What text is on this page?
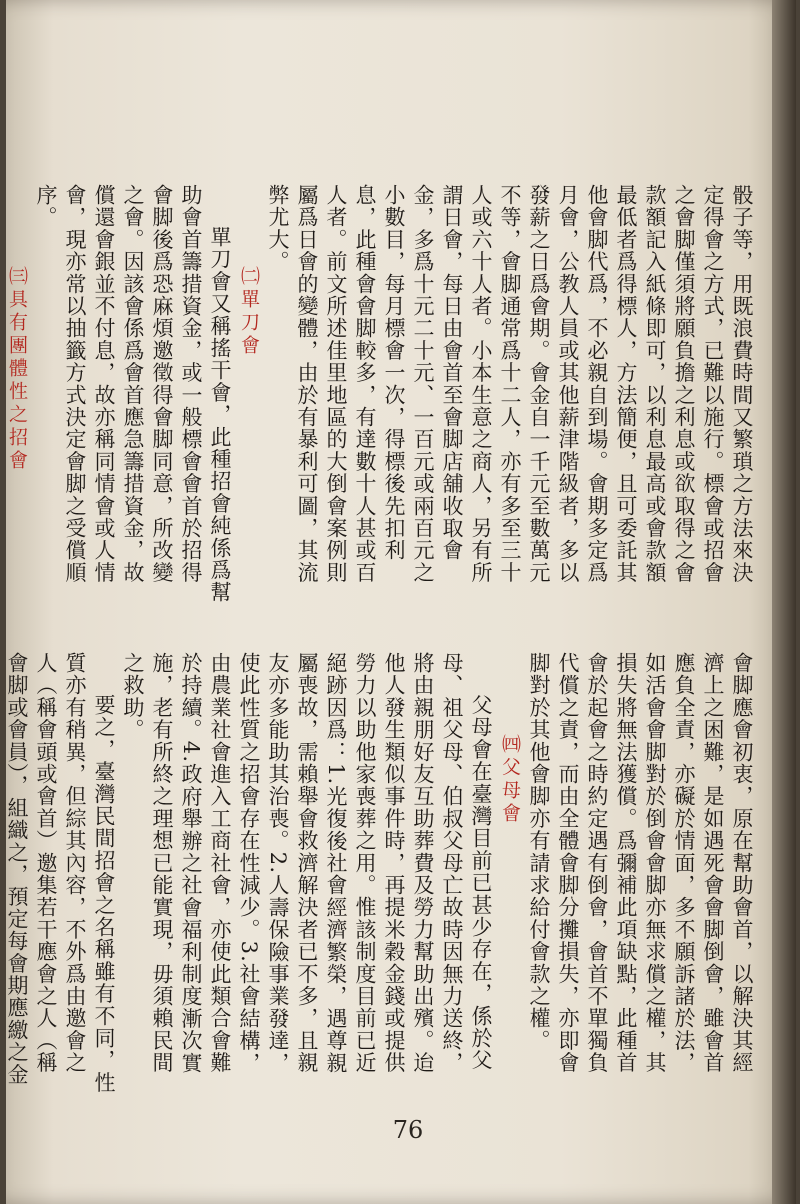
骰子等，用既浪費時間又繁瑣之方法來決定得會之方式，已難以施行。標會或招會之會脚僅須將願負擔之利息或欲取得之會款額記入紙條即可，以利息最高或會款額最低者爲得標人，方法簡便，且可委託其他會脚代爲，不必親自到場。會期多定爲月會，公教人員或其他薪津階級者，多以發薪之日爲會期。會金自一千元至數萬元不等，會脚通常爲十二人，亦有多至三十人或六十人者。小本生意之商人，另有所謂日會，每日由會首至會脚店舖收取會金，多爲十元二十元、一百元或兩百元之小數目，每月標會一次，得標後先扣利息，此種會會脚較多，有達數十人甚或百人者。前文所述佳里地區的大倒會案例則屬爲日會的變體，由於有暴利可圖，其流弊尤大。

㈡單刀會

單刀會又稱搖干會，此種招會純係爲幫助會首籌措資金，或一般標會會首於招得會脚後爲恐麻煩邀徵得會脚同意，所改變之會。因該會係爲會首應急籌措資金，故償還會銀並不付息，故亦稱同情會或人情會，現亦常以抽籤方式決定會脚之受償順序。

㈢具有團體性之招會

會脚應會初衷，原在幫助會首，以解決其經濟上之困難，是如遇死會會脚倒會，雖會首應負全責，亦礙於情面，多不願訴諸於法，如活會會脚對於倒會會脚亦無求償之權，其損失將無法獲償。爲彌補此項缺點，此種首會於起會之時約定遇有倒會，會首不單獨負代償之責，而由全體會脚分攤損失，亦即會脚對於其他會脚亦有請求給付會款之權。

㈣父母會

父母會在臺灣目前已甚少存在，係於父母、祖父母、伯叔父母亡故時因無力送終，將由親朋好友互助葬費及勞力幫助出殯。迨他人發生類似事件時，再提米穀金錢或提供勞力以助他家喪葬之用。惟該制度目前已近絕跡因爲：1.光復後社會經濟繁榮，遇尊親屬喪故，需賴舉會救濟解決者已不多，且親友亦多能助其治喪。2.人壽保險事業發達，使此性質之招會存在性減少。3.社會結構，由農業社會進入工商社會，亦使此類合會難於持續。4.政府舉辦之社會福利制度漸次實施，老有所終之理想已能實現，毋須賴民間之救助。

要之，臺灣民間招會之名稱雖有不同，性質亦有稍異，但綜其內容，不外爲由邀會之人（稱會頭或會首）邀集若干應會之人（稱會脚或會員），組織之，預定每會期應繳之金

76
